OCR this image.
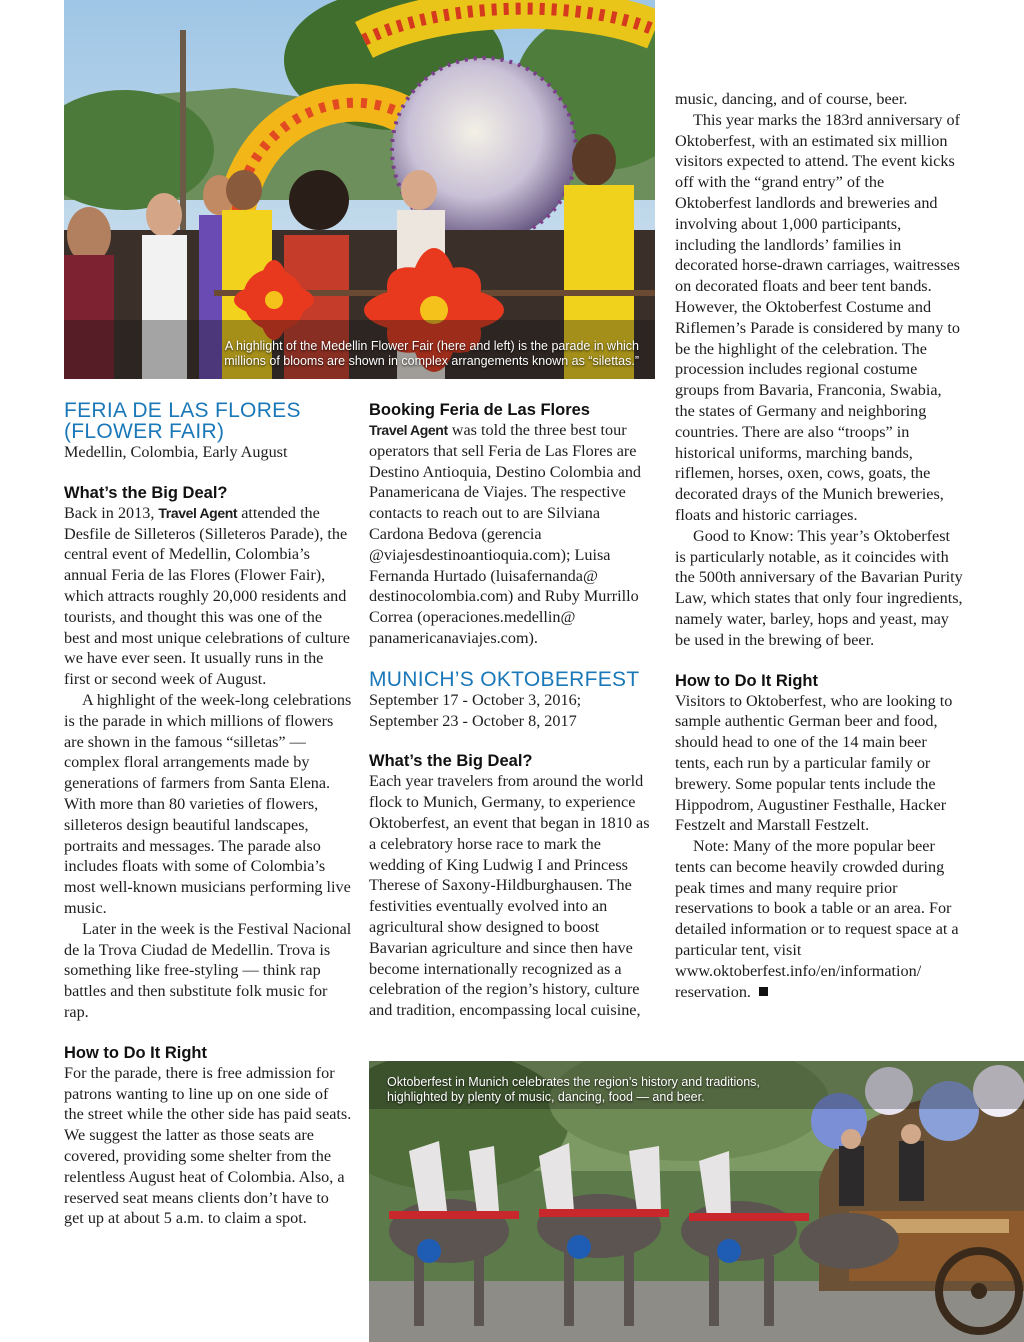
A highlight of the Medellin Flower Fair (here and left) is the parade in which
millions of blooms are shown in complex arrangements known as “silettas.”
FERIA DE LAS FLORES
(FLOWER FAIR)

Medellin, Colombia, Early August

What’s the Big Deal?

Back in 2013, Travel Agent attended the Desfile de Silleteros (Silleteros Parade), the central event of Medellin, Colombia’s annual Feria de las Flores (Flower Fair), which attracts roughly 20,000 residents and tourists, and thought this was one of the best and most unique celebrations of culture we have ever seen. It usually runs in the first or second week of August.

A highlight of the week-long celebrations is the parade in which millions of flowers are shown in the famous “silletas” — complex floral arrangements made by generations of farmers from Santa Elena. With more than 80 varieties of flowers, silleteros design beautiful landscapes, portraits and messages. The parade also includes floats with some of Colombia’s most well-known musicians performing live music.

Later in the week is the Festival Nacional de la Trova Ciudad de Medellin. Trova is something like free-styling — think rap battles and then substitute folk music for rap.

How to Do It Right

For the parade, there is free admission for patrons wanting to line up on one side of the street while the other side has paid seats. We suggest the latter as those seats are covered, providing some shelter from the relentless August heat of Colombia. Also, a reserved seat means clients don’t have to get up at about 5 a.m. to claim a spot.

Booking Feria de Las Flores

Travel Agent was told the three best tour operators that sell Feria de Las Flores are Destino Antioquia, Destino Colombia and Panamericana de Viajes. The respective contacts to reach out to are Silviana Cardona Bedova (gerencia @viajesdestinoantioquia.com); Luisa Fernanda Hurtado (luisafernanda@ destinocolombia.com) and Ruby Murrillo Correa (operaciones.medellin@ panamericanaviajes.com).

MUNICH’S OKTOBERFEST

September 17 - October 3, 2016;

September 23 - October 8, 2017

What’s the Big Deal?

Each year travelers from around the world flock to Munich, Germany, to experience Oktoberfest, an event that began in 1810 as a celebratory horse race to mark the wedding of King Ludwig I and Princess Therese of Saxony-Hildburghausen. The festivities eventually evolved into an agricultural show designed to boost Bavarian agriculture and since then have become internationally recognized as a celebration of the region’s history, culture and tradition, encompassing local cuisine,

music, dancing, and of course, beer.

This year marks the 183rd anniversary of Oktoberfest, with an estimated six million visitors expected to attend. The event kicks off with the “grand entry” of the Oktoberfest landlords and breweries and involving about 1,000 participants, including the landlords’ families in decorated horse-drawn carriages, waitresses on decorated floats and beer tent bands. However, the Oktoberfest Costume and Riflemen’s Parade is considered by many to be the highlight of the celebration. The procession includes regional costume groups from Bavaria, Franconia, Swabia, the states of Germany and neighboring countries. There are also “troops” in historical uniforms, marching bands, riflemen, horses, oxen, cows, goats, the decorated drays of the Munich breweries, floats and historic carriages.

Good to Know: This year’s Oktoberfest is particularly notable, as it coincides with the 500th anniversary of the Bavarian Purity Law, which states that only four ingredients, namely water, barley, hops and yeast, may be used in the brewing of beer.

How to Do It Right

Visitors to Oktoberfest, who are looking to sample authentic German beer and food, should head to one of the 14 main beer tents, each run by a particular family or brewery. Some popular tents include the Hippodrom, Augustiner Festhalle, Hacker Festzelt and Marstall Festzelt.

Note: Many of the more popular beer tents can become heavily crowded during peak times and many require prior reservations to book a table or an area. For detailed information or to request space at a particular tent, visit www.oktoberfest.info/en/information/ reservation.

Oktoberfest in Munich celebrates the region’s history and traditions,
highlighted by plenty of music, dancing, food — and beer.
